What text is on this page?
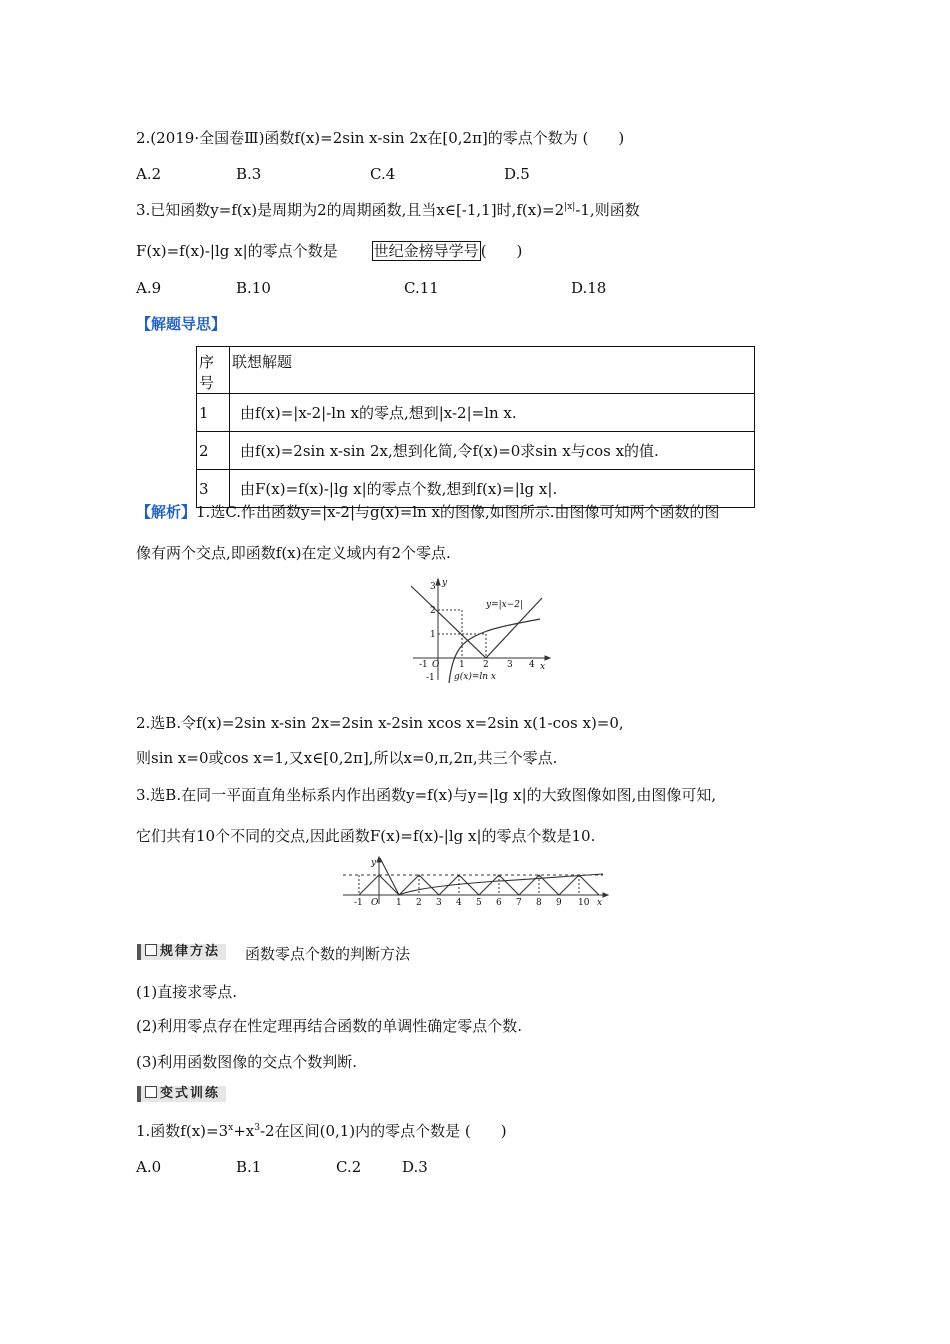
2.(2019·全国卷Ⅲ)函数f(x)=2sin x-sin 2x在[0,2π]的零点个数为 (　　)
A.2	B.3	C.4	D.5
3.已知函数y=f(x)是周期为2的周期函数,且当x∈[-1,1]时$,f(x)=2^{|x|}-1$,则函数
F(x)=f(x)-|lg x|的零点个数是 世纪金榜导学号 (　　)
A.9	B.10	C.11	D.18
【解题导思】
序号	联想解题
1	由f(x)=|x-2|-ln x的零点,想到|x-2|=ln x.
2	由f(x)=2sin x-sin 2x,想到化简,令f(x)=0求sin x与cos x的值.
3	由F(x)=f(x)-|lg x|的零点个数,想到f(x)=|lg x|.
【解析】1.选C.作出函数y=|x-2|与g(x)=ln x的图像,如图所示.由图像可知两个函数的图
像有两个交点,即函数f(x)在定义域内有2个零点.
y
x
O
-1	1 2 3 4
3
2
1
-1
y=|x−2|
g(x)=ln x
2.选B.令f(x)=2sin x-sin 2x=2sin x-2sin xcos x=2sin x(1-cos x)=0,
则sin x=0或cos x=1,又x∈[0,2π],所以x=0,π,2π,共三个零点.
3.选B.在同一平面直角坐标系内作出函数y=f(x)与y=|lg x|的大致图像如图,由图像可知,
它们共有10个不同的交点,因此函数F(x)=f(x)-|lg x|的零点个数是10.
y
x
O
-1	1 2 3 4 5 6 7 8 9 10
规律方法	函数零点个数的判断方法
(1)直接求零点.
(2)利用零点存在性定理再结合函数的单调性确定零点个数.
(3)利用函数图像的交点个数判断.
变式训练
1.函数$f(x)=3^x+x^3-2$在区间(0,1)内的零点个数是 (　　)
A.0	B.1	C.2	D.3
